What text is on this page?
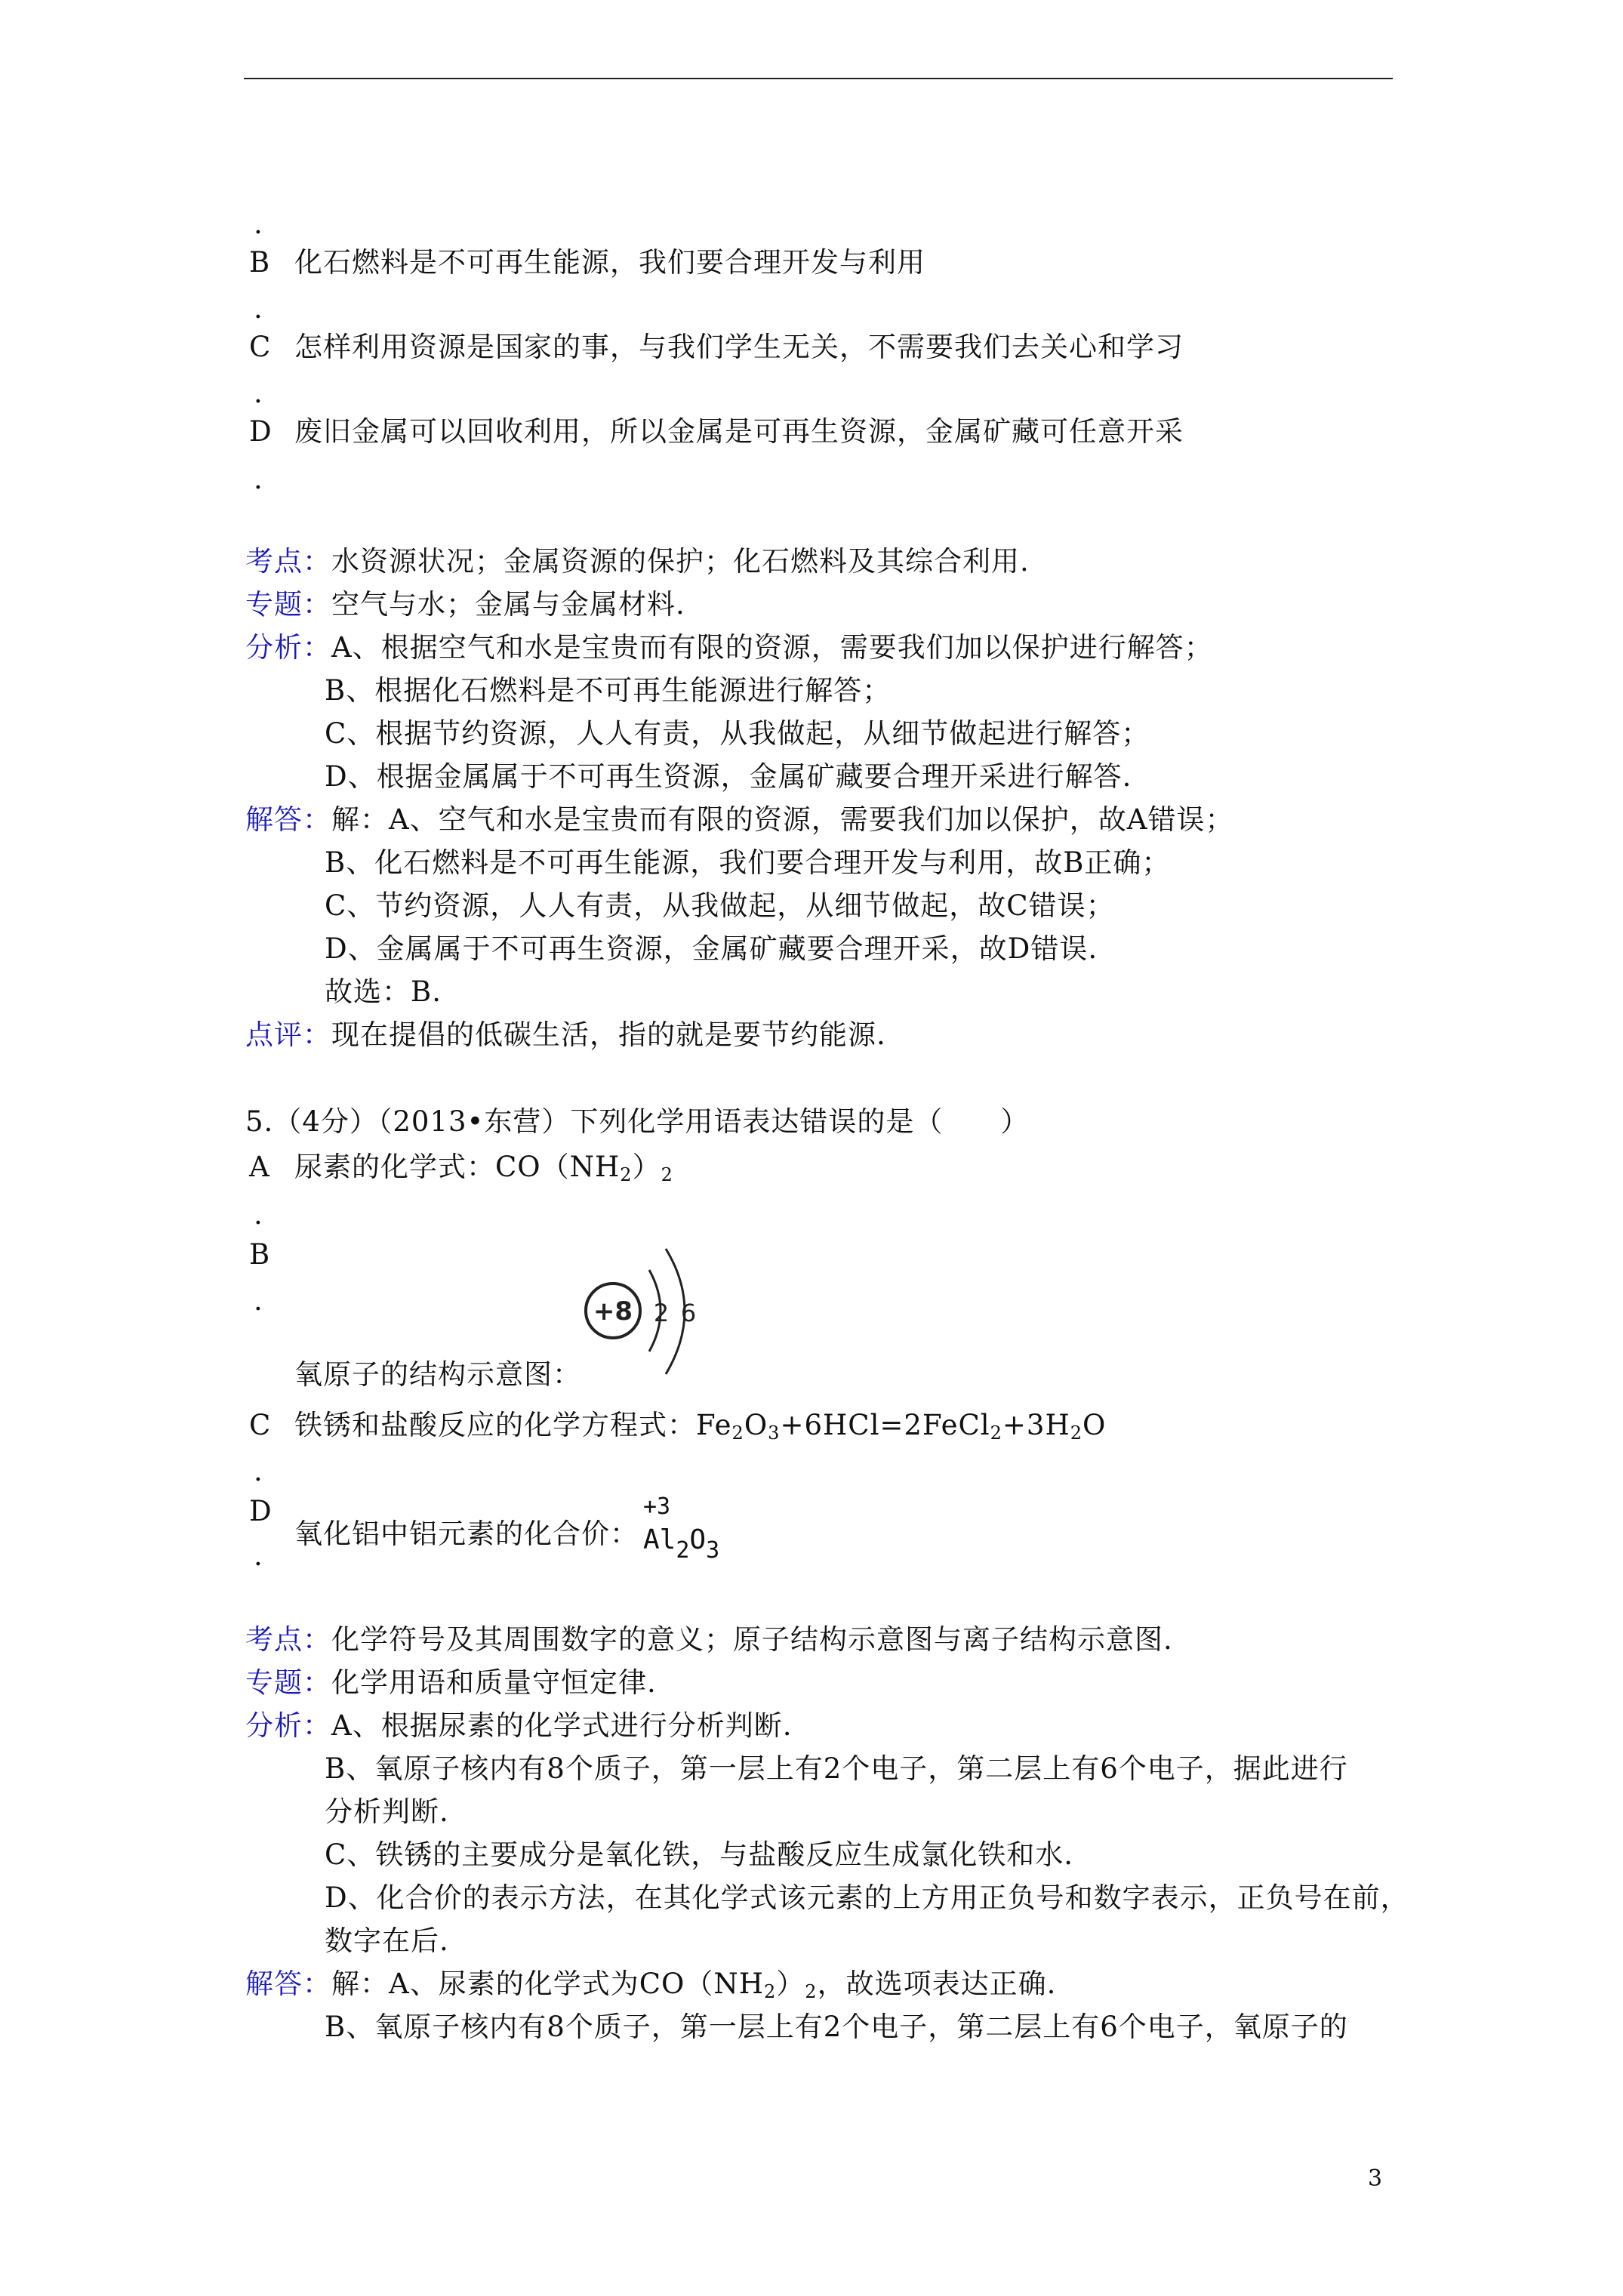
.
B 化石燃料是不可再生能源，我们要合理开发与利用
.
C 怎样利用资源是国家的事，与我们学生无关，不需要我们去关心和学习
.
D 废旧金属可以回收利用，所以金属是可再生资源，金属矿藏可任意开采
.
考点：水资源状况；金属资源的保护；化石燃料及其综合利用.
专题：空气与水；金属与金属材料.
分析：A、根据空气和水是宝贵而有限的资源，需要我们加以保护进行解答；
B、根据化石燃料是不可再生能源进行解答；
C、根据节约资源，人人有责，从我做起，从细节做起进行解答；
D、根据金属属于不可再生资源，金属矿藏要合理开采进行解答.
解答：解：A、空气和水是宝贵而有限的资源，需要我们加以保护，故A错误；
B、化石燃料是不可再生能源，我们要合理开发与利用，故B正确；
C、节约资源，人人有责，从我做起，从细节做起，故C错误；
D、金属属于不可再生资源，金属矿藏要合理开采，故D错误.
故选：B.
点评：现在提倡的低碳生活，指的就是要节约能源.
5.（4分）（2013•东营）下列化学用语表达错误的是（　　）
A 尿素的化学式：$CO(NH_2)_2$
.
B
.	+8 2 6
氧原子的结构示意图：
C 铁锈和盐酸反应的化学方程式：$Fe_2O_3+6HCl=2FeCl_2+3H_2O$
.
D
.
氧化铝中铝元素的化合价：
+3
$Al_2O_3$
考点：化学符号及其周围数字的意义；原子结构示意图与离子结构示意图.
专题：化学用语和质量守恒定律.
分析：A、根据尿素的化学式进行分析判断.
B、氧原子核内有8个质子，第一层上有2个电子，第二层上有6个电子，据此进行
分析判断.
C、铁锈的主要成分是氧化铁，与盐酸反应生成氯化铁和水.
D、化合价的表示方法，在其化学式该元素的上方用正负号和数字表示，正负号在前，
数字在后.
解答：解：A、尿素的化学式为$CO(NH_2)_2$，故选项表达正确.
B、氧原子核内有8个质子，第一层上有2个电子，第二层上有6个电子，氧原子的
3
